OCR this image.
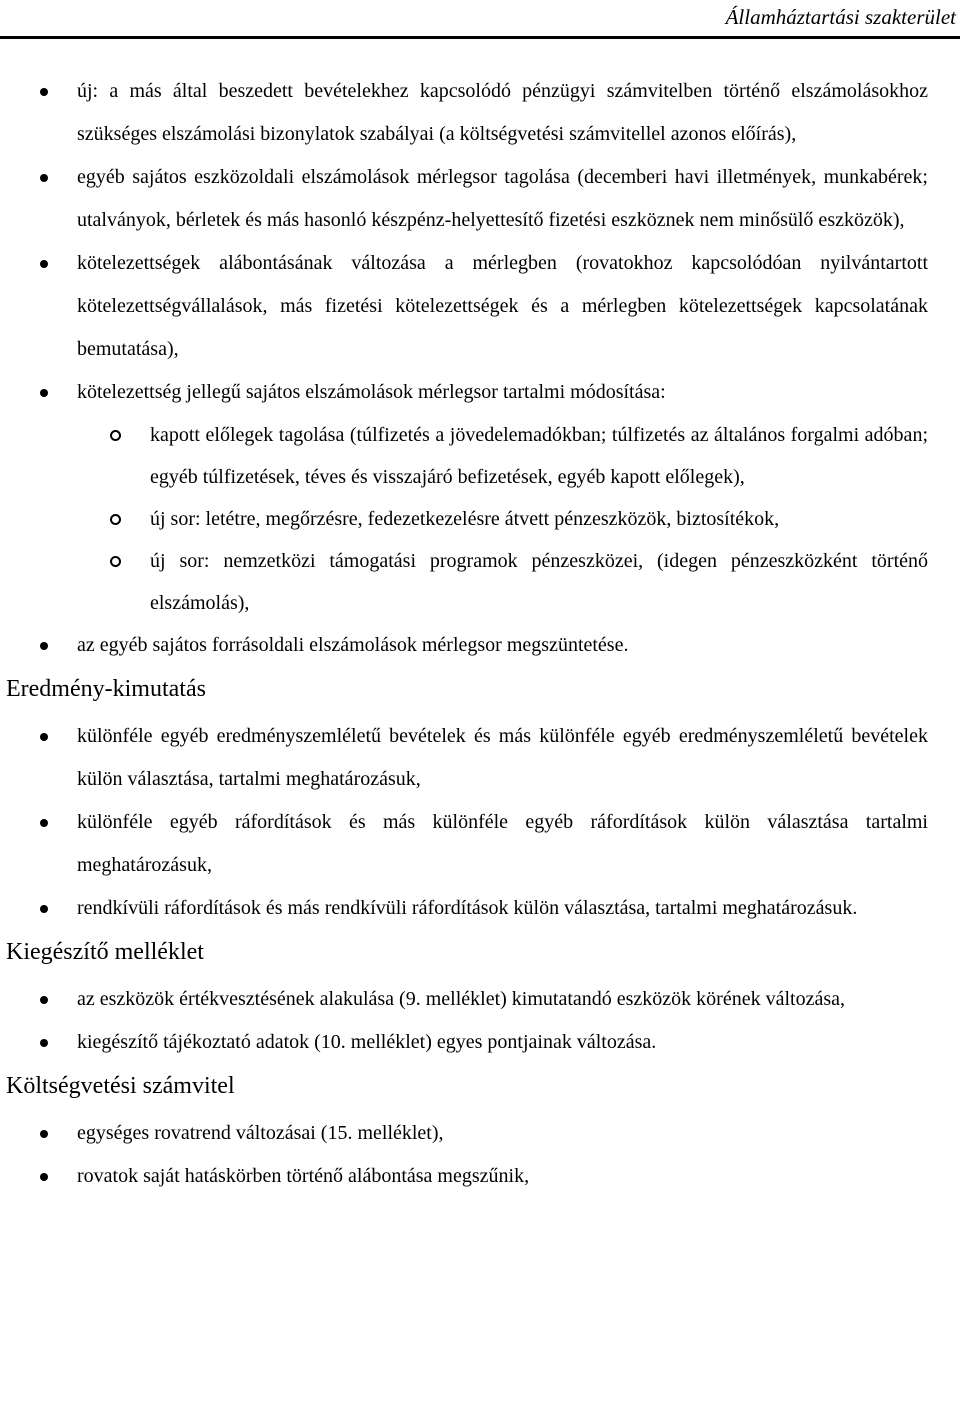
Államháztartási szakterület
új: a más által beszedett bevételekhez kapcsolódó pénzügyi számvitelben történő elszámolásokhoz szükséges elszámolási bizonylatok szabályai (a költségvetési számvitellel azonos előírás),
egyéb sajátos eszközoldali elszámolások mérlegsor tagolása (decemberi havi illetmények, munkabérek; utalványok, bérletek és más hasonló készpénz-helyettesítő fizetési eszköznek nem minősülő eszközök),
kötelezettségek alábontásának változása a mérlegben (rovatokhoz kapcsolódóan nyilvántartott kötelezettségvállalások, más fizetési kötelezettségek és a mérlegben kötelezettségek kapcsolatának bemutatása),
kötelezettség jellegű sajátos elszámolások mérlegsor tartalmi módosítása:
kapott előlegek tagolása (túlfizetés a jövedelemadókban; túlfizetés az általános forgalmi adóban; egyéb túlfizetések, téves és visszajáró befizetések, egyéb kapott előlegek),
új sor: letétre, megőrzésre, fedezetkezelésre átvett pénzeszközök, biztosítékok,
új sor: nemzetközi támogatási programok pénzeszközei, (idegen pénzeszközként történő elszámolás),
az egyéb sajátos forrásoldali elszámolások mérlegsor megszüntetése.
Eredmény-kimutatás
különféle egyéb eredményszemléletű bevételek és más különféle egyéb eredményszemléletű bevételek külön választása, tartalmi meghatározásuk,
különféle egyéb ráfordítások és más különféle egyéb ráfordítások külön választása tartalmi meghatározásuk,
rendkívüli ráfordítások és más rendkívüli ráfordítások külön választása, tartalmi meghatározásuk.
Kiegészítő melléklet
az eszközök értékvesztésének alakulása (9. melléklet) kimutatandó eszközök körének változása,
kiegészítő tájékoztató adatok (10. melléklet) egyes pontjainak változása.
Költségvetési számvitel
egységes rovatrend változásai (15. melléklet),
rovatok saját hatáskörben történő alábontása megszűnik,
